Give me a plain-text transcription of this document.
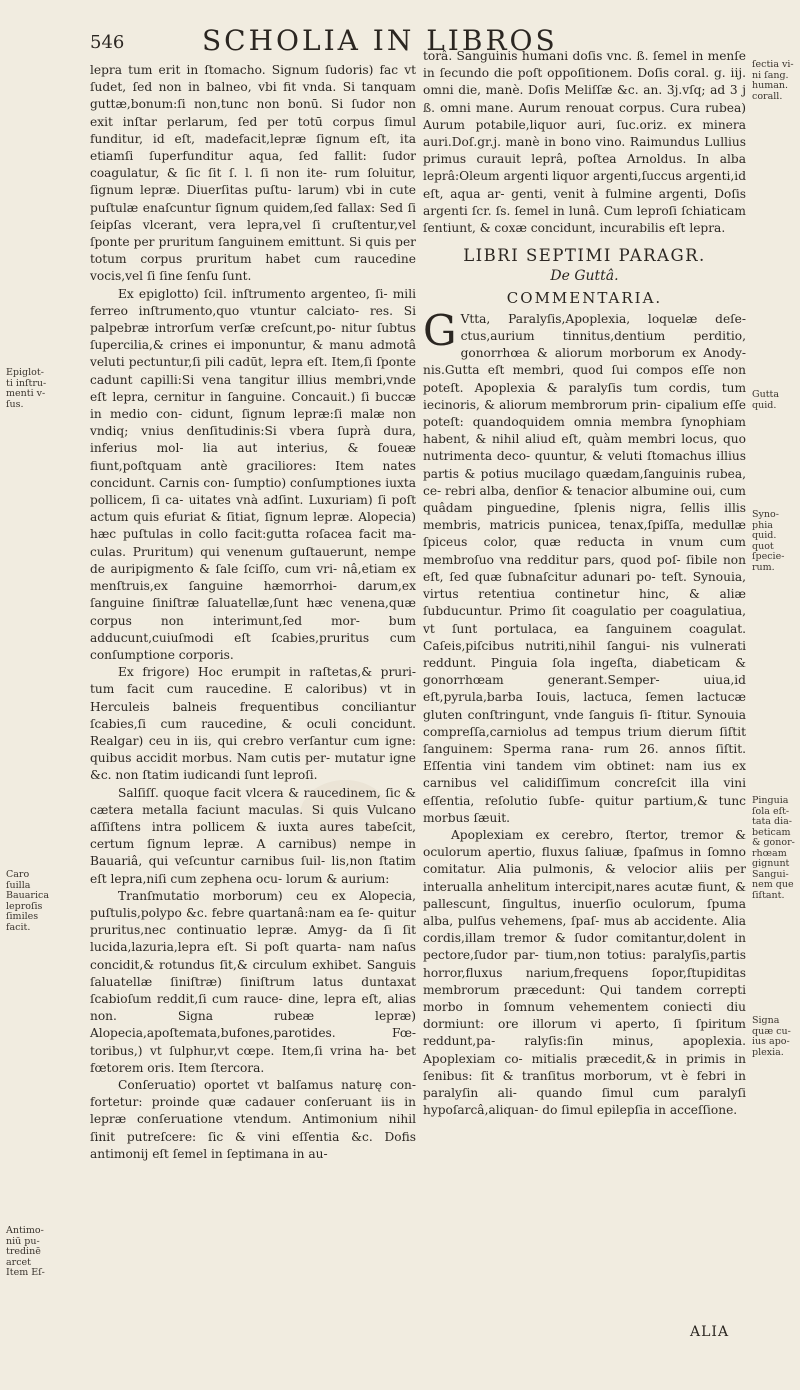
546	SCHOLIA IN LIBROS

lepra tum erit in ſtomacho. Signum ſudoris) fac vt ſudet, ſed non in balneo, vbi fit vnda. Si tanquam guttæ,bonum:ſi non,tunc non bonū. Si ſudor non exit inſtar perlarum, ſed per totū corpus ſimul funditur, id eſt, madefacit,lepræ ſignum eſt, ita etiamſi ſuperfunditur aqua, ſed fallit: ſudor coagulatur, & ſic ſit ſ. l. ſi non ite- rum ſoluitur, ſignum lepræ. Diuerſitas puſtu- larum) vbi in cute puſtulæ enaſcuntur ſignum quidem,ſed fallax: Sed ſi ſeipſas vlcerant, vera lepra,vel ſi cruſtentur,vel ſponte per pruritum ſanguinem emittunt. Si quis per totum corpus pruritum habet cum raucedine vocis,vel ſi ſine ſenſu ſunt.

Ex epiglotto) ſcil. inſtrumento argenteo, ſi- mili ferreo inſtrumento,quo vtuntur calciato- res. Si palpebræ introrſum verſæ creſcunt,po- nitur ſubtus ſupercilia,& crines ei imponuntur, & manu admotâ veluti pectuntur,ſi pili cadūt, lepra eſt. Item,ſi ſponte cadunt capilli:Si vena tangitur illius membri,vnde eſt lepra, cernitur in ſanguine. Concauit.) ſi buccæ in medio con- cidunt, ſignum lepræ:ſi malæ non vndiq; vnius denſitudinis:Si vbera ſuprà dura, inferius mol- lia aut interius, & foueæ fiunt,poſtquam antè graciliores: Item nates concidunt. Carnis con- ſumptio) conſumptiones iuxta pollicem, ſi ca- uitates vnà adſint. Luxuriam) ſi poſt actum quis efuriat & ſitiat, ſignum lepræ. Alopecia) hæc puſtulas in collo facit:gutta roſacea facit ma- culas. Pruritum) qui venenum guſtauerunt, nempe de auripigmento & ſale ſciſſo, cum vri- nâ,etiam ex menſtruis,ex ſanguine hæmorrhoi- darum,ex ſanguine ſiniſtræ ſaluatellæ,ſunt hæc venena,quæ corpus non interimunt,ſed mor- bum adducunt,cuiuſmodi eſt ſcabies,pruritus cum conſumptione corporis.

Ex frigore) Hoc erumpit in raſtetas,& pruri- tum facit cum raucedine. E caloribus) vt in Herculeis balneis frequentibus conciliantur ſcabies,ſi cum raucedine, & oculi concidunt. Realgar) ceu in iis, qui crebro verſantur cum igne: quibus accidit morbus. Nam cutis per- mutatur igne &c. non ſtatim iudicandi ſunt leproſi.

Salſiſſ. quoque facit vlcera & raucedinem, ſic & cætera metalla faciunt maculas. Si quis Vulcano aſſiſtens intra pollicem & iuxta aures tabeſcit, certum ſignum lepræ. A carnibus) nempe in Bauariâ, qui veſcuntur carnibus ſuil- lis,non ſtatim eſt lepra,niſi cum zephena ocu- lorum & aurium:

Tranſmutatio morborum) ceu ex Alopecia, puſtulis,polypo &c. febre quartanâ:nam ea ſe- quitur pruritus,nec continuatio lepræ. Amyg- da ſi ſit lucida,lazuria,lepra eſt. Si poſt quarta- nam naſus concidit,& rotundus ſit,& circulum exhibet. Sanguis ſaluatellæ ſiniſtræ) ſiniſtrum latus duntaxat ſcabioſum reddit,ſi cum rauce- dine, lepra eſt, alias non. Signa rubeæ lepræ) Alopecia,apoſtemata,bufones,parotides. Fœ- toribus,) vt ſulphur,vt cœpe. Item,ſi vrina ha- bet fœtorem oris. Item ſtercora.

Conſeruatio) oportet vt balſamus naturę con- fortetur: proinde quæ cadauer conſeruant iis in lepræ conſeruatione vtendum. Antimonium nihil ſinit putreſcere: ſic & vini eſſentia &c. Dofis antimonij eſt ſemel in ſeptimana in au-

Epiglot-
ti inſtru-
menti v-
ſus.
Caro
ſuilla
Bauarica
leproſis
ſimiles
facit.
Antimo-
niū pu-
tredinē
arcet
Item Eſ-

torâ. Sanguinis humani doſis vnc. ß. ſemel in menſe in ſecundo die poſt oppoſitionem. Doſis coral. g. iij. omni die, manè. Doſis Meliſſæ &c. an. 3j.vſq; ad 3 j ß. omni mane. Aurum renouat corpus. Cura rubea) Aurum potabile,liquor auri, ſuc.oriz. ex minera auri.Doſ.gr.j. manè in bono vino. Raimundus Lullius primus curauit leprâ, poſtea Arnoldus. In alba leprâ:Oleum argenti liquor argenti,ſuccus argenti,id eſt, aqua ar- genti, venit à fulmine argenti, Doſis argenti ſcr. ſs. ſemel in lunâ. Cum leproſi ſchiaticam ſentiunt, & coxæ concidunt, incurabilis eſt lepra.

LIBRI SEPTIMI PARAGR.
De Guttâ.
COMMENTARIA.

G Vtta, Paralyſis,Apoplexia, loquelæ deſe- ctus,aurium tinnitus,dentium perditio, gonorrhœa & aliorum morborum ex Anody- nis.Gutta eſt membri, quod ſui compos eſſe non poteſt. Apoplexia & paralyſis tum cordis, tum iecinoris, & aliorum membrorum prin- cipalium eſſe poteſt: quandoquidem omnia membra ſynophiam habent, & nihil aliud eſt, quàm membri locus, quo nutrimenta deco- quuntur, & veluti ſtomachus illius partis & potius mucilago quædam,ſanguinis rubea, ce- rebri alba, denſior & tenacior albumine oui, cum quâdam pinguedine, ſplenis nigra, ſellis illis membris, matricis punicea, tenax,ſpiſſa, medullæ ſpiceus color, quæ reducta in vnum cum membroſuo vna redditur pars, quod poſ- ſibile non eſt, ſed quæ ſubnaſcitur adunari po- teſt. Synouia, virtus retentiua continetur hinc, & aliæ ſubducuntur. Primo ſit coagulatio per coagulatiua, vt ſunt portulaca, ea ſanguinem coagulat. Caſeis,piſcibus nutriti,nihil ſangui- nis vulnerati reddunt. Pinguia ſola ingeſta, diabeticam & gonorrhœam generant.Semper- uiua,id eſt,pyrula,barba Iouis, lactuca, ſemen lactucæ gluten conſtringunt, vnde ſanguis ſi- ſtitur. Synouia compreſſa,carniolus ad tempus trium dierum ſiſtit ſanguinem: Sperma rana- rum 26. annos ſiſtit. Eſſentia vini tandem vim obtinet: nam ius ex carnibus vel calidiſſimum concreſcit illa vini eſſentia, reſolutio ſubſe- quitur partium,& tunc morbus ſæuit.

Apoplexiam ex cerebro, ſtertor, tremor & oculorum apertio, fluxus ſaliuæ, ſpaſmus in ſomno comitatur. Alia pulmonis, & velocior aliis per interualla anhelitum intercipit,nares acutæ fiunt, & pallescunt, ſingultus, inuerſio oculorum, ſpuma alba, pulſus vehemens, ſpaſ- mus ab accidente. Alia cordis,illam tremor & ſudor comitantur,dolent in pectore,ſudor par- tium,non totius: paralyſis,partis horror,fluxus narium,frequens ſopor,ſtupiditas membrorum præcedunt: Qui tandem correpti morbo in ſomnum vehementem coniecti diu dormiunt: ore illorum vi aperto, ſi ſpiritum reddunt,pa- ralyſis:ſin minus, apoplexia. Apoplexiam co- mitialis præcedit,& in primis in ſenibus: ſit & tranſitus morborum, vt è febri in paralyſin ali- quando ſimul cum paralyſi hypoſarcâ,aliquan- do ſimul epilepſia in acceſſione.

ſectia vi-
ni ſang.
human.
corall.
Gutta
quid.
Syno-
phia
quid.
quot
ſpecie-
rum.
Pinguia
ſola eſt-
tata dia-
beticam
& gonor-
rhœam
gignunt
Sangui-
nem que
ſiſtant.
Signa
quæ cu-
ius apo-
plexia.
ALIA
